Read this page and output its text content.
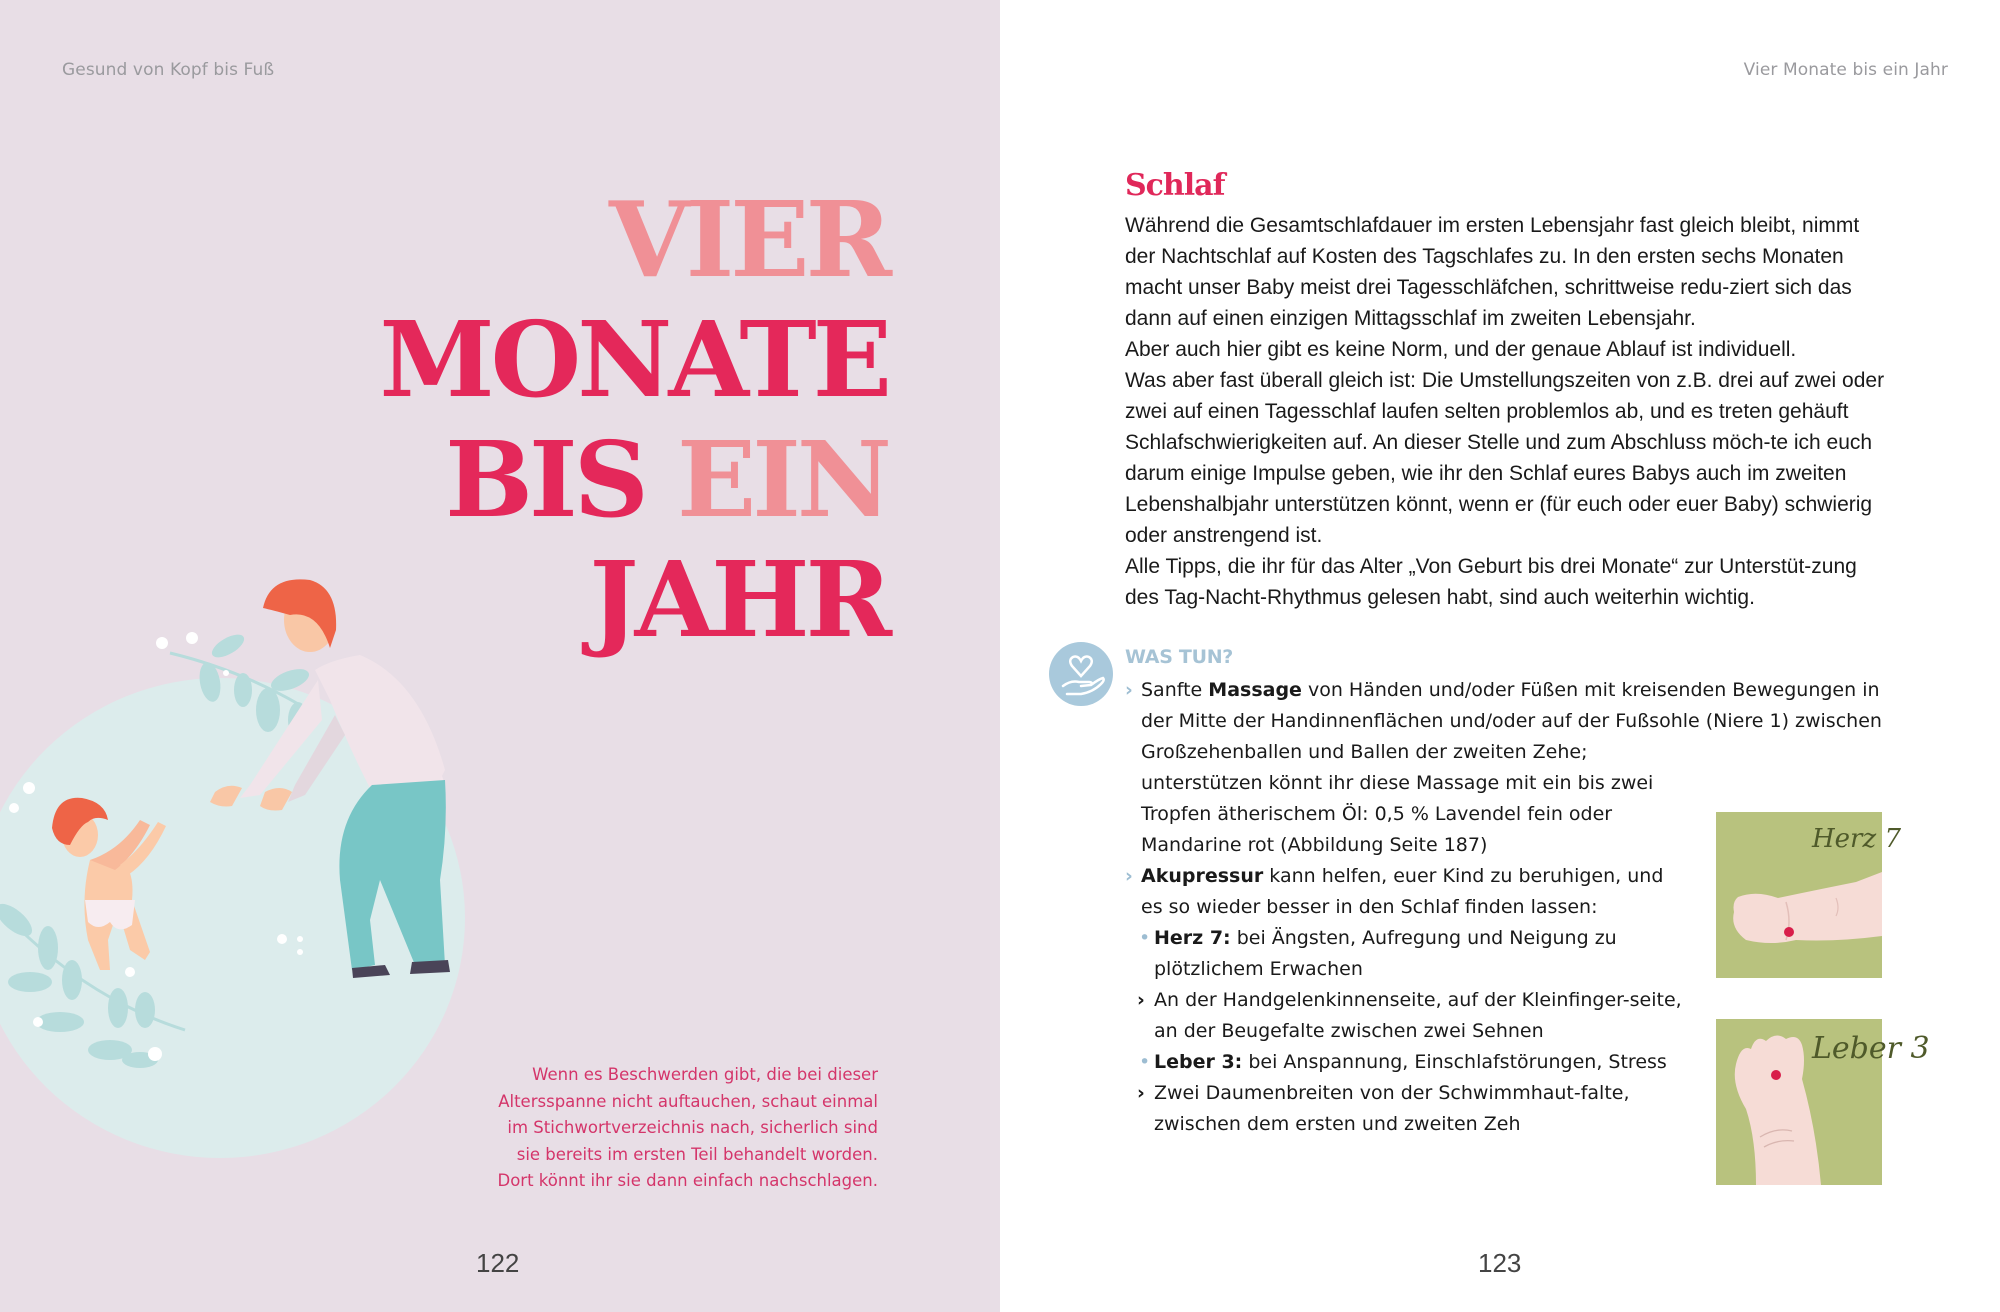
Gesund von Kopf bis Fuß
VIER
MONATE
BIS EIN
JAHR
Wenn es Beschwerden gibt, die bei dieser
Altersspanne nicht auftauchen, schaut einmal
im Stichwortverzeichnis nach, sicherlich sind
sie bereits im ersten Teil behandelt worden.
Dort könnt ihr sie dann einfach nachschlagen.
122
Vier Monate bis ein Jahr
Schlaf

Während die Gesamtschlafdauer im ersten Lebensjahr fast gleich bleibt, nimmt der Nachtschlaf auf Kosten des Tagschlafes zu. In den ersten sechs Monaten macht unser Baby meist drei Tagesschläfchen, schrittweise redu-ziert sich das dann auf einen einzigen Mittagsschlaf im zweiten Lebensjahr.

Aber auch hier gibt es keine Norm, und der genaue Ablauf ist individuell.

Was aber fast überall gleich ist: Die Umstellungszeiten von z.B. drei auf zwei oder zwei auf einen Tagesschlaf laufen selten problemlos ab, und es treten gehäuft Schlafschwierigkeiten auf. An dieser Stelle und zum Abschluss möch-te ich euch darum einige Impulse geben, wie ihr den Schlaf eures Babys auch im zweiten Lebenshalbjahr unterstützen könnt, wenn er (für euch oder euer Baby) schwierig oder anstrengend ist.

Alle Tipps, die ihr für das Alter „Von Geburt bis drei Monate“ zur Unterstüt-zung des Tag-Nacht-Rhythmus gelesen habt, sind auch weiterhin wichtig.

WAS TUN?
› Sanfte Massage von Händen und/oder Füßen mit kreisenden Bewegungen in der Mitte der Handinnenflächen und/oder auf der Fußsohle (Niere 1) zwischen Großzehenballen und Ballen der zweiten Zehe;
unterstützen könnt ihr diese Massage mit ein bis zwei Tropfen ätherischem Öl: 0,5 % Lavendel fein oder Mandarine rot (Abbildung Seite 187)
› Akupressur kann helfen, euer Kind zu beruhigen, und es so wieder besser in den Schlaf finden lassen:
• Herz 7: bei Ängsten, Aufregung und Neigung zu plötzlichem Erwachen
› An der Handgelenkinnenseite, auf der Kleinfinger-seite, an der Beugefalte zwischen zwei Sehnen
• Leber 3: bei Anspannung, Einschlafstörungen, Stress
› Zwei Daumenbreiten von der Schwimmhaut-falte, zwischen dem ersten und zweiten Zeh
Herz 7
Leber 3
123
